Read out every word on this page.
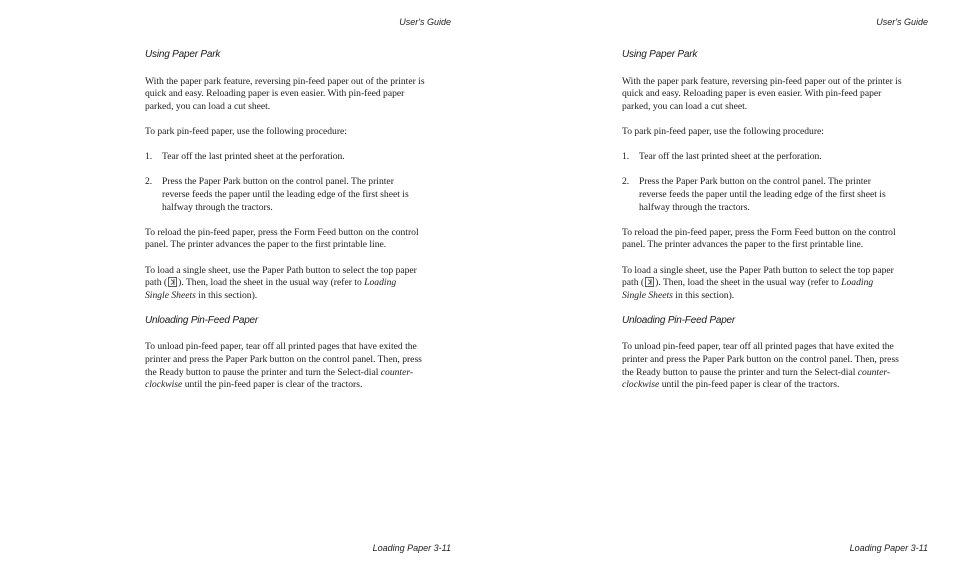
User's Guide
Using Paper Park
With the paper park feature, reversing pin-feed paper out of the printer is
quick and easy. Reloading paper is even easier. With pin-feed paper
parked, you can load a cut sheet.
To park pin-feed paper, use the following procedure:
1.	Tear off the last printed sheet at the perforation.
2.	Press the Paper Park button on the control panel. The printer
reverse feeds the paper until the leading edge of the first sheet is
halfway through the tractors.
To reload the pin-feed paper, press the Form Feed button on the control
panel. The printer advances the paper to the first printable line.
To load a single sheet, use the Paper Path button to select the top paper
path ( ). Then, load the sheet in the usual way (refer to Loading
Single Sheets in this section).
Unloading Pin-Feed Paper
To unload pin-feed paper, tear off all printed pages that have exited the
printer and press the Paper Park button on the control panel. Then, press
the Ready button to pause the printer and turn the Select-dial counter-
clockwise until the pin-feed paper is clear of the tractors.
Loading Paper 3-11
User's Guide
Using Paper Park
With the paper park feature, reversing pin-feed paper out of the printer is
quick and easy. Reloading paper is even easier. With pin-feed paper
parked, you can load a cut sheet.
To park pin-feed paper, use the following procedure:
1.	Tear off the last printed sheet at the perforation.
2.	Press the Paper Park button on the control panel. The printer
reverse feeds the paper until the leading edge of the first sheet is
halfway through the tractors.
To reload the pin-feed paper, press the Form Feed button on the control
panel. The printer advances the paper to the first printable line.
To load a single sheet, use the Paper Path button to select the top paper
path ( ). Then, load the sheet in the usual way (refer to Loading
Single Sheets in this section).
Unloading Pin-Feed Paper
To unload pin-feed paper, tear off all printed pages that have exited the
printer and press the Paper Park button on the control panel. Then, press
the Ready button to pause the printer and turn the Select-dial counter-
clockwise until the pin-feed paper is clear of the tractors.
Loading Paper 3-11
